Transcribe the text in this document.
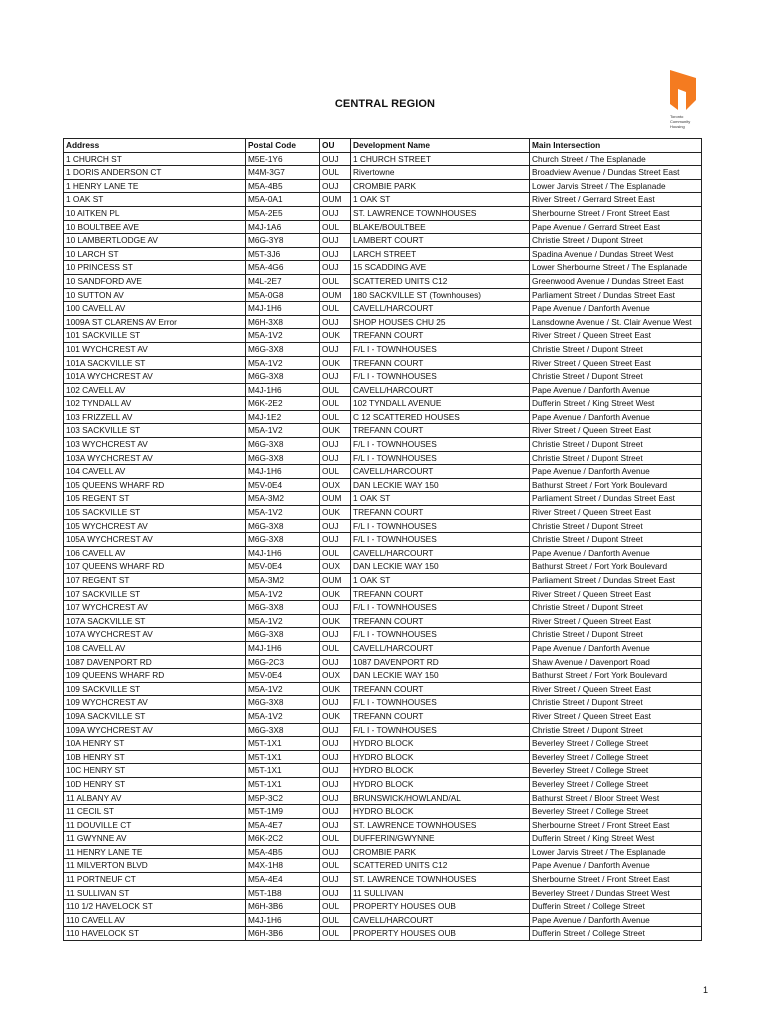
Toronto
Community
Housing
CENTRAL REGION
Address	Postal Code	OU	Development Name	Main Intersection
1 CHURCH ST	M5E-1Y6	OUJ	1 CHURCH STREET	Church Street / The Esplanade
1 DORIS ANDERSON CT	M4M-3G7	OUL	Rivertowne	Broadview Avenue / Dundas Street East
1 HENRY LANE TE	M5A-4B5	OUJ	CROMBIE PARK	Lower Jarvis Street / The Esplanade
1 OAK ST	M5A-0A1	OUM	1 OAK ST	River Street / Gerrard Street East
10 AITKEN PL	M5A-2E5	OUJ	ST. LAWRENCE TOWNHOUSES	Sherbourne Street / Front Street East
10 BOULTBEE AVE	M4J-1A6	OUL	BLAKE/BOULTBEE	Pape Avenue / Gerrard Street East
10 LAMBERTLODGE AV	M6G-3Y8	OUJ	LAMBERT COURT	Christie Street / Dupont Street
10 LARCH ST	M5T-3J6	OUJ	LARCH STREET	Spadina Avenue / Dundas Street West
10 PRINCESS ST	M5A-4G6	OUJ	15 SCADDING AVE	Lower Sherbourne Street / The Esplanade
10 SANDFORD AVE	M4L-2E7	OUL	SCATTERED UNITS C12	Greenwood Avenue / Dundas Street East
10 SUTTON AV	M5A-0G8	OUM	180 SACKVILLE ST (Townhouses)	Parliament Street / Dundas Street East
100 CAVELL AV	M4J-1H6	OUL	CAVELL/HARCOURT	Pape Avenue / Danforth Avenue
1009A ST CLARENS AV Error	M6H-3X8	OUJ	SHOP HOUSES CHU 25	Lansdowne Avenue / St. Clair Avenue West
101 SACKVILLE ST	M5A-1V2	OUK	TREFANN COURT	River Street / Queen Street East
101 WYCHCREST AV	M6G-3X8	OUJ	F/L I - TOWNHOUSES	Christie Street / Dupont Street
101A SACKVILLE ST	M5A-1V2	OUK	TREFANN COURT	River Street / Queen Street East
101A WYCHCREST AV	M6G-3X8	OUJ	F/L I - TOWNHOUSES	Christie Street / Dupont Street
102 CAVELL AV	M4J-1H6	OUL	CAVELL/HARCOURT	Pape Avenue / Danforth Avenue
102 TYNDALL AV	M6K-2E2	OUL	102 TYNDALL AVENUE	Dufferin Street / King Street West
103 FRIZZELL AV	M4J-1E2	OUL	C 12 SCATTERED HOUSES	Pape Avenue / Danforth Avenue
103 SACKVILLE ST	M5A-1V2	OUK	TREFANN COURT	River Street / Queen Street East
103 WYCHCREST AV	M6G-3X8	OUJ	F/L I - TOWNHOUSES	Christie Street / Dupont Street
103A WYCHCREST AV	M6G-3X8	OUJ	F/L I - TOWNHOUSES	Christie Street / Dupont Street
104 CAVELL AV	M4J-1H6	OUL	CAVELL/HARCOURT	Pape Avenue / Danforth Avenue
105 QUEENS WHARF RD	M5V-0E4	OUX	DAN LECKIE WAY 150	Bathurst Street / Fort York Boulevard
105 REGENT ST	M5A-3M2	OUM	1 OAK ST	Parliament Street / Dundas Street East
105 SACKVILLE ST	M5A-1V2	OUK	TREFANN COURT	River Street / Queen Street East
105 WYCHCREST AV	M6G-3X8	OUJ	F/L I - TOWNHOUSES	Christie Street / Dupont Street
105A WYCHCREST AV	M6G-3X8	OUJ	F/L I - TOWNHOUSES	Christie Street / Dupont Street
106 CAVELL AV	M4J-1H6	OUL	CAVELL/HARCOURT	Pape Avenue / Danforth Avenue
107 QUEENS WHARF RD	M5V-0E4	OUX	DAN LECKIE WAY 150	Bathurst Street / Fort York Boulevard
107 REGENT ST	M5A-3M2	OUM	1 OAK ST	Parliament Street / Dundas Street East
107 SACKVILLE ST	M5A-1V2	OUK	TREFANN COURT	River Street / Queen Street East
107 WYCHCREST AV	M6G-3X8	OUJ	F/L I - TOWNHOUSES	Christie Street / Dupont Street
107A SACKVILLE ST	M5A-1V2	OUK	TREFANN COURT	River Street / Queen Street East
107A WYCHCREST AV	M6G-3X8	OUJ	F/L I - TOWNHOUSES	Christie Street / Dupont Street
108 CAVELL AV	M4J-1H6	OUL	CAVELL/HARCOURT	Pape Avenue / Danforth Avenue
1087 DAVENPORT RD	M6G-2C3	OUJ	1087 DAVENPORT RD	Shaw Avenue / Davenport Road
109 QUEENS WHARF RD	M5V-0E4	OUX	DAN LECKIE WAY 150	Bathurst Street / Fort York Boulevard
109 SACKVILLE ST	M5A-1V2	OUK	TREFANN COURT	River Street / Queen Street East
109 WYCHCREST AV	M6G-3X8	OUJ	F/L I - TOWNHOUSES	Christie Street / Dupont Street
109A SACKVILLE ST	M5A-1V2	OUK	TREFANN COURT	River Street / Queen Street East
109A WYCHCREST AV	M6G-3X8	OUJ	F/L I - TOWNHOUSES	Christie Street / Dupont Street
10A HENRY ST	M5T-1X1	OUJ	HYDRO BLOCK	Beverley Street / College Street
10B HENRY ST	M5T-1X1	OUJ	HYDRO BLOCK	Beverley Street / College Street
10C HENRY ST	M5T-1X1	OUJ	HYDRO BLOCK	Beverley Street / College Street
10D HENRY ST	M5T-1X1	OUJ	HYDRO BLOCK	Beverley Street / College Street
11 ALBANY AV	M5P-3C2	OUJ	BRUNSWICK/HOWLAND/AL	Bathurst Street / Bloor Street West
11 CECIL ST	M5T-1M9	OUJ	HYDRO BLOCK	Beverley Street / College Street
11 DOUVILLE CT	M5A-4E7	OUJ	ST. LAWRENCE TOWNHOUSES	Sherbourne Street / Front Street East
11 GWYNNE AV	M6K-2C2	OUL	DUFFERIN/GWYNNE	Dufferin Street / King Street West
11 HENRY LANE TE	M5A-4B5	OUJ	CROMBIE PARK	Lower Jarvis Street / The Esplanade
11 MILVERTON BLVD	M4X-1H8	OUL	SCATTERED UNITS C12	Pape Avenue / Danforth Avenue
11 PORTNEUF CT	M5A-4E4	OUJ	ST. LAWRENCE TOWNHOUSES	Sherbourne Street / Front Street East
11 SULLIVAN ST	M5T-1B8	OUJ	11 SULLIVAN	Beverley Street / Dundas Street West
110 1/2 HAVELOCK ST	M6H-3B6	OUL	PROPERTY HOUSES OUB	Dufferin Street / College Street
110 CAVELL AV	M4J-1H6	OUL	CAVELL/HARCOURT	Pape Avenue / Danforth Avenue
110 HAVELOCK ST	M6H-3B6	OUL	PROPERTY HOUSES OUB	Dufferin Street / College Street
1
